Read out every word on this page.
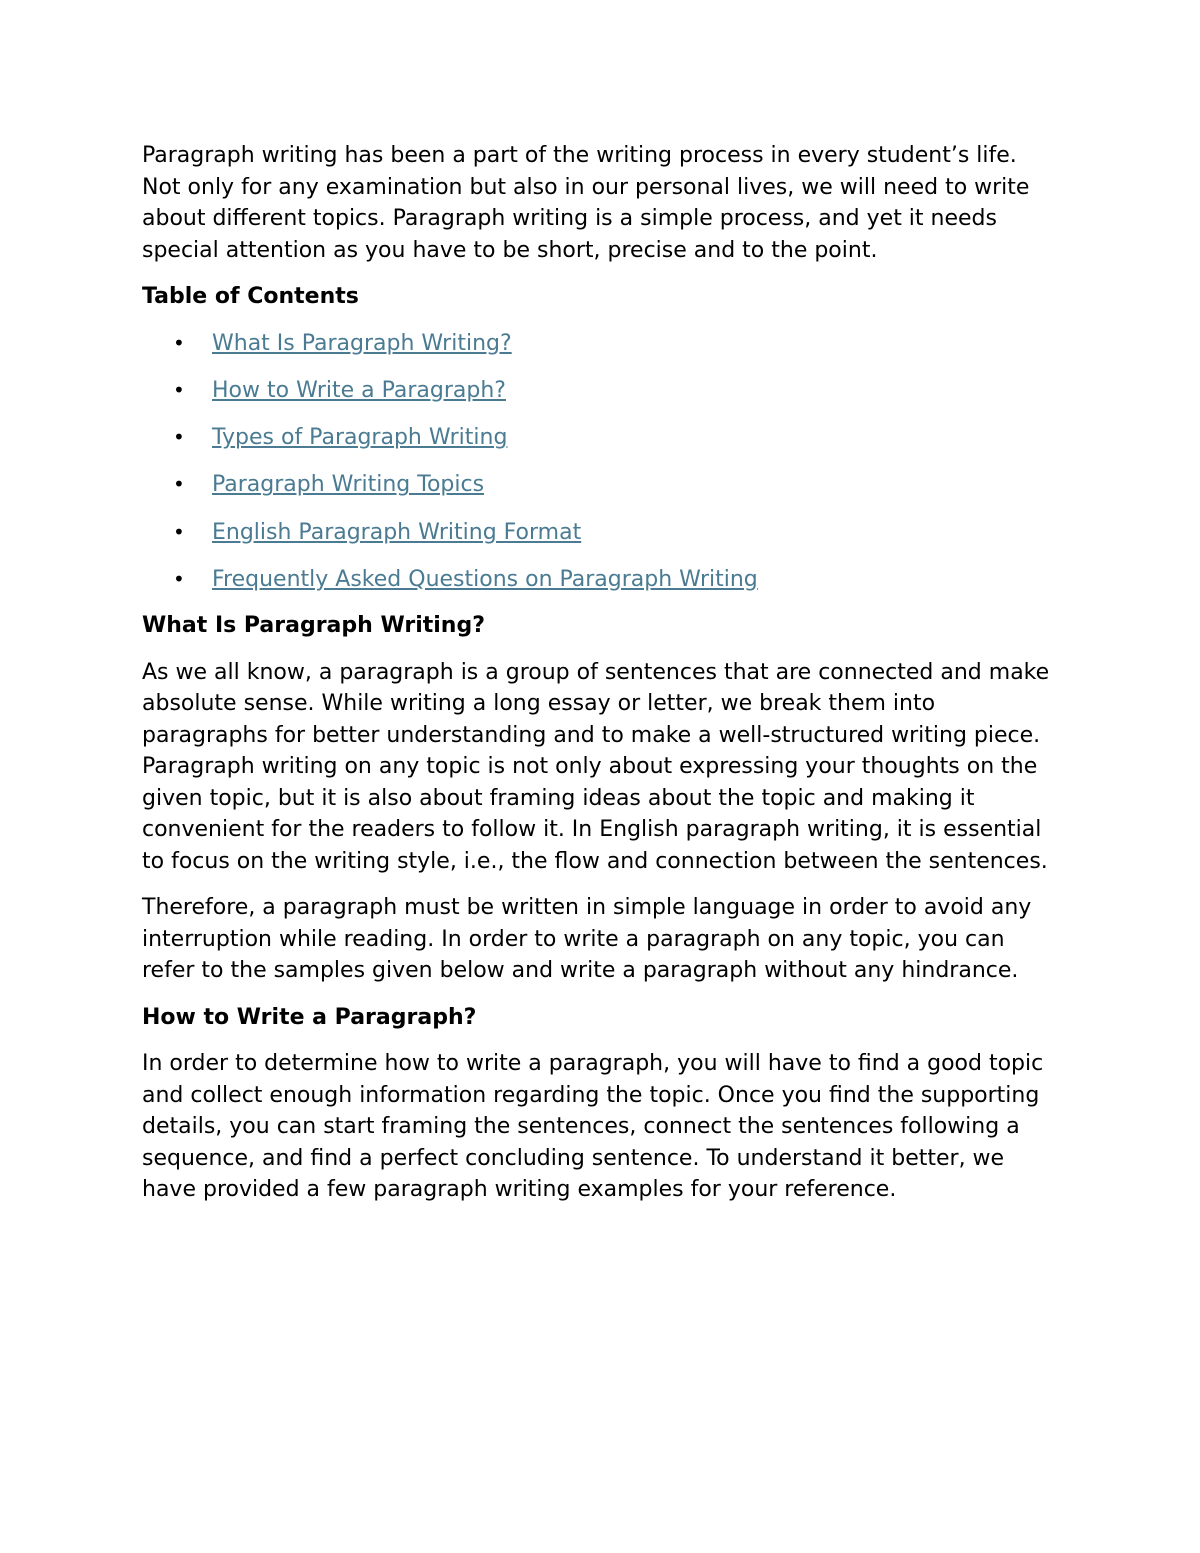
Paragraph writing has been a part of the writing process in every student’s life. Not only for any examination but also in our personal lives, we will need to write about different topics. Paragraph writing is a simple process, and yet it needs special attention as you have to be short, precise and to the point.

Table of Contents
• What Is Paragraph Writing?
• How to Write a Paragraph?
• Types of Paragraph Writing
• Paragraph Writing Topics
• English Paragraph Writing Format
• Frequently Asked Questions on Paragraph Writing
What Is Paragraph Writing?

As we all know, a paragraph is a group of sentences that are connected and make absolute sense. While writing a long essay or letter, we break them into paragraphs for better understanding and to make a well-structured writing piece. Paragraph writing on any topic is not only about expressing your thoughts on the given topic, but it is also about framing ideas about the topic and making it convenient for the readers to follow it. In English paragraph writing, it is essential to focus on the writing style, i.e., the flow and connection between the sentences.

Therefore, a paragraph must be written in simple language in order to avoid any interruption while reading. In order to write a paragraph on any topic, you can refer to the samples given below and write a paragraph without any hindrance.

How to Write a Paragraph?

In order to determine how to write a paragraph, you will have to find a good topic and collect enough information regarding the topic. Once you find the supporting details, you can start framing the sentences, connect the sentences following a sequence, and find a perfect concluding sentence. To understand it better, we have provided a few paragraph writing examples for your reference.
